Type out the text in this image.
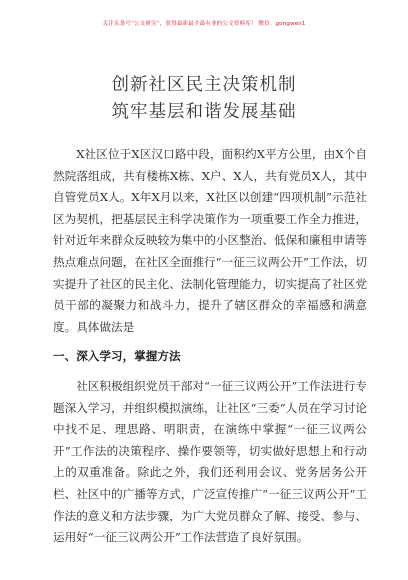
关注头条号“公文研究”，获得最新最全最有业的公文资料库！ 微信：gongwen1
创新社区民主决策机制
筑牢基层和谐发展基础

X社区位于X区汉口路中段，面积约X平方公里，由X个自然院落组成，共有楼栋X栋、X户、X人，共有党员X人，其中自管党员X人。X年X月以来，X社区以创建“四项机制”示范社区为契机，把基层民主科学决策作为一项重要工作全力推进，针对近年来群众反映较为集中的小区整治、低保和廉租申请等热点难点问题，在社区全面推行“一征三议两公开”工作法，切实提升了社区的民主化、法制化管理能力，切实提高了社区党员干部的凝聚力和战斗力，提升了辖区群众的幸福感和满意度。具体做法是

一、深入学习，掌握方法

社区积极组织党员干部对“一征三议两公开”工作法进行专题深入学习，并组织模拟演练，让社区“三委”人员在学习讨论中找不足、理思路、明职责，在演练中掌握“一征三议两公开”工作法的决策程序、操作要领等，切实做好思想上和行动上的双重准备。除此之外，我们还利用会议、党务居务公开栏、社区中的广播等方式，广泛宣传推广“一征三议两公开”工作法的意义和方法步骤，为广大党员群众了解、接受、参与、运用好“一征三议两公开”工作法营造了良好氛围。
